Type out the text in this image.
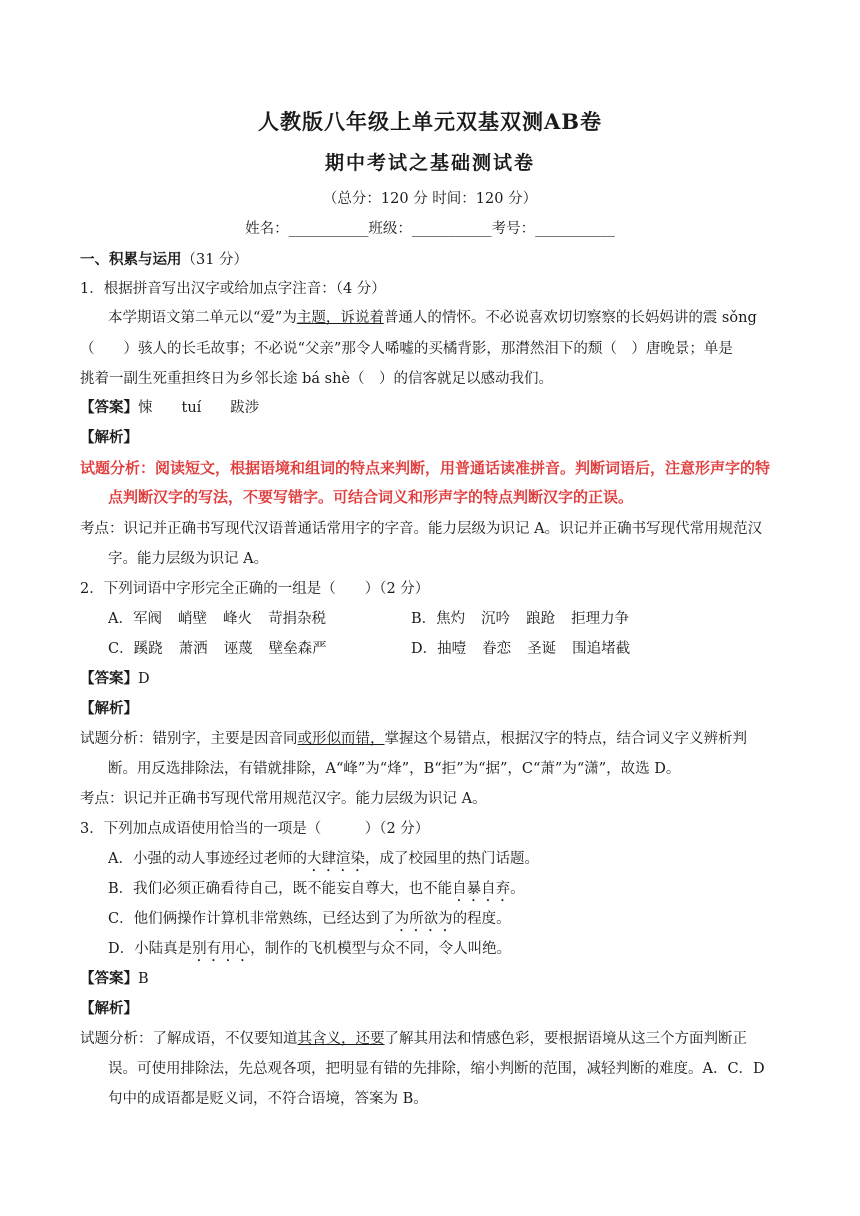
人教版八年级上单元双基双测AB卷
期中考试之基础测试卷
（总分：120 分 时间：120 分）
姓名：___________班级：___________考号：___________
一、积累与运用（31 分）
1．根据拼音写出汉字或给加点字注音：（4 分）
本学期语文第二单元以“爱”为主题，诉说着普通人的情怀。不必说喜欢切切察察的长妈妈讲的震 sǒng
（　　）骇人的长毛故事；不必说“父亲”那令人唏嘘的买橘背影，那潸然泪下的颓（　）唐晚景；单是
挑着一副生死重担终日为乡邻长途 bá shè（　）的信客就足以感动我们。
【答案】悚　　tuí　　跋涉
【解析】
试题分析：阅读短文，根据语境和组词的特点来判断，用普通话读准拼音。判断词语后，注意形声字的特
点判断汉字的写法，不要写错字。可结合词义和形声字的特点判断汉字的正误。
考点：识记并正确书写现代汉语普通话常用字的字音。能力层级为识记 A。识记并正确书写现代常用规范汉
字。能力层级为识记 A。
2．下列词语中字形完全正确的一组是（　　）（2 分）
A．军阀 峭壁 峰火 苛捐杂税	B．焦灼 沉吟 踉跄 拒理力争
C．蹊跷 萧洒 诬蔑 壁垒森严	D．抽噎 眷恋 圣诞 围追堵截
【答案】D
【解析】
试题分析：错别字，主要是因音同或形似而错，掌握这个易错点，根据汉字的特点，结合词义字义辨析判
断。用反选排除法，有错就排除，A“峰”为“烽”，B“拒”为“据”，C“萧”为“潇”，故选 D。
考点：识记并正确书写现代常用规范汉字。能力层级为识记 A。
3．下列加点成语使用恰当的一项是（　　　）（2 分）
A．小强的动人事迹经过老师的大肆渲染，成了校园里的热门话题。
B．我们必须正确看待自己，既不能妄自尊大，也不能自暴自弃。
C．他们俩操作计算机非常熟练，已经达到了为所欲为的程度。
D．小陆真是别有用心，制作的飞机模型与众不同，令人叫绝。
【答案】B
【解析】
试题分析：了解成语，不仅要知道其含义，还要了解其用法和情感色彩，要根据语境从这三个方面判断正
误。可使用排除法，先总观各项，把明显有错的先排除，缩小判断的范围，减轻判断的难度。A．C．D
句中的成语都是贬义词，不符合语境，答案为 B。
